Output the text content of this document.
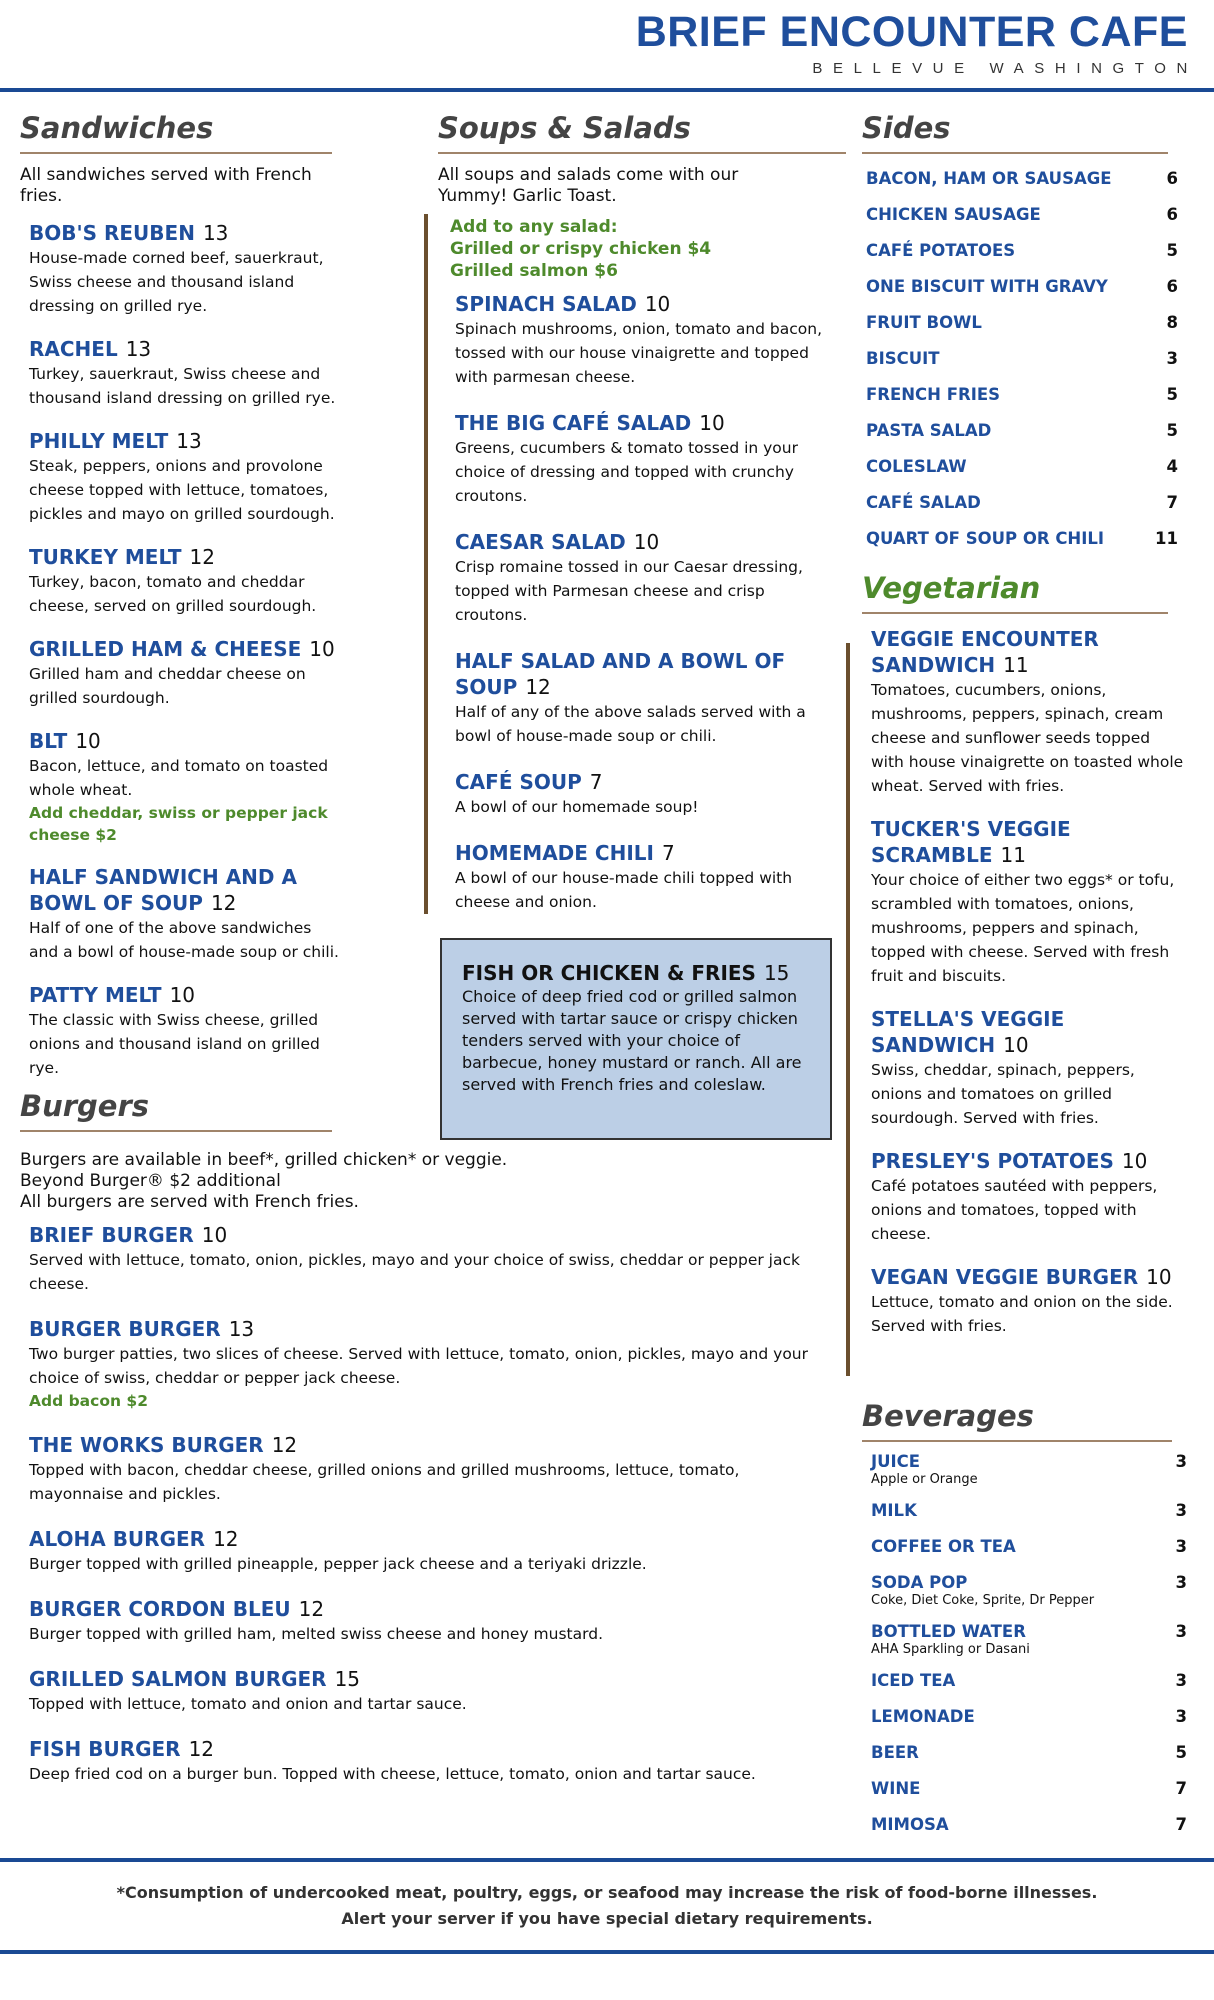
BRIEF ENCOUNTER CAFE
BELLEVUE WASHINGTON
Sandwiches
All sandwiches served with French fries.
BOB'S REUBEN 13
House-made corned beef, sauerkraut, Swiss cheese and thousand island dressing on grilled rye.
RACHEL 13
Turkey, sauerkraut, Swiss cheese and thousand island dressing on grilled rye.
PHILLY MELT 13
Steak, peppers, onions and provolone cheese topped with lettuce, tomatoes, pickles and mayo on grilled sourdough.
TURKEY MELT 12
Turkey, bacon, tomato and cheddar cheese, served on grilled sourdough.
GRILLED HAM & CHEESE 10
Grilled ham and cheddar cheese on grilled sourdough.
BLT 10
Bacon, lettuce, and tomato on toasted whole wheat.
Add cheddar, swiss or pepper jack cheese $2
HALF SANDWICH AND A BOWL OF SOUP 12
Half of one of the above sandwiches and a bowl of house-made soup or chili.
PATTY MELT 10
The classic with Swiss cheese, grilled onions and thousand island on grilled rye.
Soups & Salads
All soups and salads come with our Yummy! Garlic Toast.
Add to any salad:
Grilled or crispy chicken $4
Grilled salmon $6
SPINACH SALAD 10
Spinach mushrooms, onion, tomato and bacon, tossed with our house vinaigrette and topped with parmesan cheese.
THE BIG CAFÉ SALAD 10
Greens, cucumbers & tomato tossed in your choice of dressing and topped with crunchy croutons.
CAESAR SALAD 10
Crisp romaine tossed in our Caesar dressing, topped with Parmesan cheese and crisp croutons.
HALF SALAD AND A BOWL OF SOUP 12
Half of any of the above salads served with a bowl of house-made soup or chili.
CAFÉ SOUP 7
A bowl of our homemade soup!
HOMEMADE CHILI 7
A bowl of our house-made chili topped with cheese and onion.
FISH OR CHICKEN & FRIES 15
Choice of deep fried cod or grilled salmon served with tartar sauce or crispy chicken tenders served with your choice of barbecue, honey mustard or ranch. All are served with French fries and coleslaw.
Burgers
Burgers are available in beef*, grilled chicken* or veggie.
Beyond Burger® $2 additional
All burgers are served with French fries.
BRIEF BURGER 10
Served with lettuce, tomato, onion, pickles, mayo and your choice of swiss, cheddar or pepper jack cheese.
BURGER BURGER 13
Two burger patties, two slices of cheese. Served with lettuce, tomato, onion, pickles, mayo and your choice of swiss, cheddar or pepper jack cheese.
Add bacon $2
THE WORKS BURGER 12
Topped with bacon, cheddar cheese, grilled onions and grilled mushrooms, lettuce, tomato, mayonnaise and pickles.
ALOHA BURGER 12
Burger topped with grilled pineapple, pepper jack cheese and a teriyaki drizzle.
BURGER CORDON BLEU 12
Burger topped with grilled ham, melted swiss cheese and honey mustard.
GRILLED SALMON BURGER 15
Topped with lettuce, tomato and onion and tartar sauce.
FISH BURGER 12
Deep fried cod on a burger bun. Topped with cheese, lettuce, tomato, onion and tartar sauce.
Sides
BACON, HAM OR SAUSAGE	6
CHICKEN SAUSAGE	6
CAFÉ POTATOES	5
ONE BISCUIT WITH GRAVY	6
FRUIT BOWL	8
BISCUIT	3
FRENCH FRIES	5
PASTA SALAD	5
COLESLAW	4
CAFÉ SALAD	7
QUART OF SOUP OR CHILI	11
Vegetarian
VEGGIE ENCOUNTER SANDWICH 11
Tomatoes, cucumbers, onions, mushrooms, peppers, spinach, cream cheese and sunflower seeds topped with house vinaigrette on toasted whole wheat. Served with fries.
TUCKER'S VEGGIE SCRAMBLE 11
Your choice of either two eggs* or tofu, scrambled with tomatoes, onions, mushrooms, peppers and spinach, topped with cheese. Served with fresh fruit and biscuits.
STELLA'S VEGGIE SANDWICH 10
Swiss, cheddar, spinach, peppers, onions and tomatoes on grilled sourdough. Served with fries.
PRESLEY'S POTATOES 10
Café potatoes sautéed with peppers, onions and tomatoes, topped with cheese.
VEGAN VEGGIE BURGER 10
Lettuce, tomato and onion on the side. Served with fries.
Beverages
JUICE
Apple or Orange
3
MILK	3
COFFEE OR TEA	3
SODA POP
Coke, Diet Coke, Sprite, Dr Pepper
3
BOTTLED WATER
AHA Sparkling or Dasani
3
ICED TEA	3
LEMONADE	3
BEER	5
WINE	7
MIMOSA	7
*Consumption of undercooked meat, poultry, eggs, or seafood may increase the risk of food-borne illnesses.
Alert your server if you have special dietary requirements.
